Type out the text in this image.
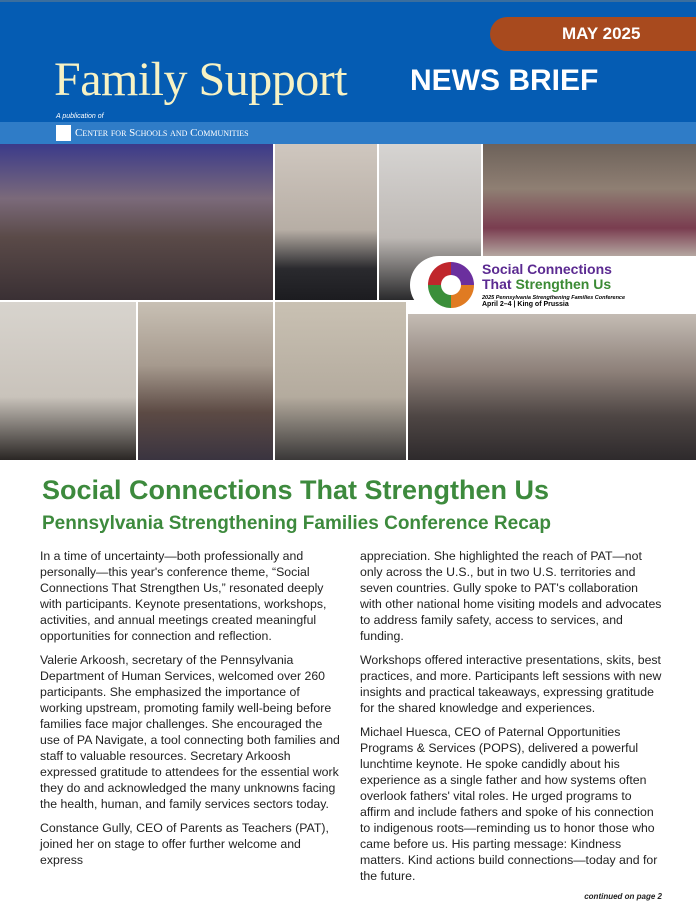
MAY 2025
Family Support NEWS BRIEF
A publication of
Center for Schools and Communities
Social Connections
That Strengthen Us
2025 Pennsylvania Strengthening Families Conference
April 2–4 | King of Prussia
Social Connections That Strengthen Us
Pennsylvania Strengthening Families Conference Recap

In a time of uncertainty—both professionally and personally—this year's conference theme, “Social Connections That Strengthen Us,” resonated deeply with participants. Keynote presentations, workshops, activities, and annual meetings created meaningful opportunities for connection and reflection.

Valerie Arkoosh, secretary of the Pennsylvania Department of Human Services, welcomed over 260 participants. She emphasized the importance of working upstream, promoting family well-being before families face major challenges. She encouraged the use of PA Navigate, a tool connecting both families and staff to valuable resources. Secretary Arkoosh expressed gratitude to attendees for the essential work they do and acknowledged the many unknowns facing the health, human, and family services sectors today.

Constance Gully, CEO of Parents as Teachers (PAT), joined her on stage to offer further welcome and express

appreciation. She highlighted the reach of PAT—not only across the U.S., but in two U.S. territories and seven countries. Gully spoke to PAT's collaboration with other national home visiting models and advocates to address family safety, access to services, and funding.

Workshops offered interactive presentations, skits, best practices, and more. Participants left sessions with new insights and practical takeaways, expressing gratitude for the shared knowledge and experiences.

Michael Huesca, CEO of Paternal Opportunities Programs & Services (POPS), delivered a powerful lunchtime keynote. He spoke candidly about his experience as a single father and how systems often overlook fathers' vital roles. He urged programs to affirm and include fathers and spoke of his connection to indigenous roots—reminding us to honor those who came before us. His parting message: Kindness matters. Kind actions build connections—today and for the future.

continued on page 2
